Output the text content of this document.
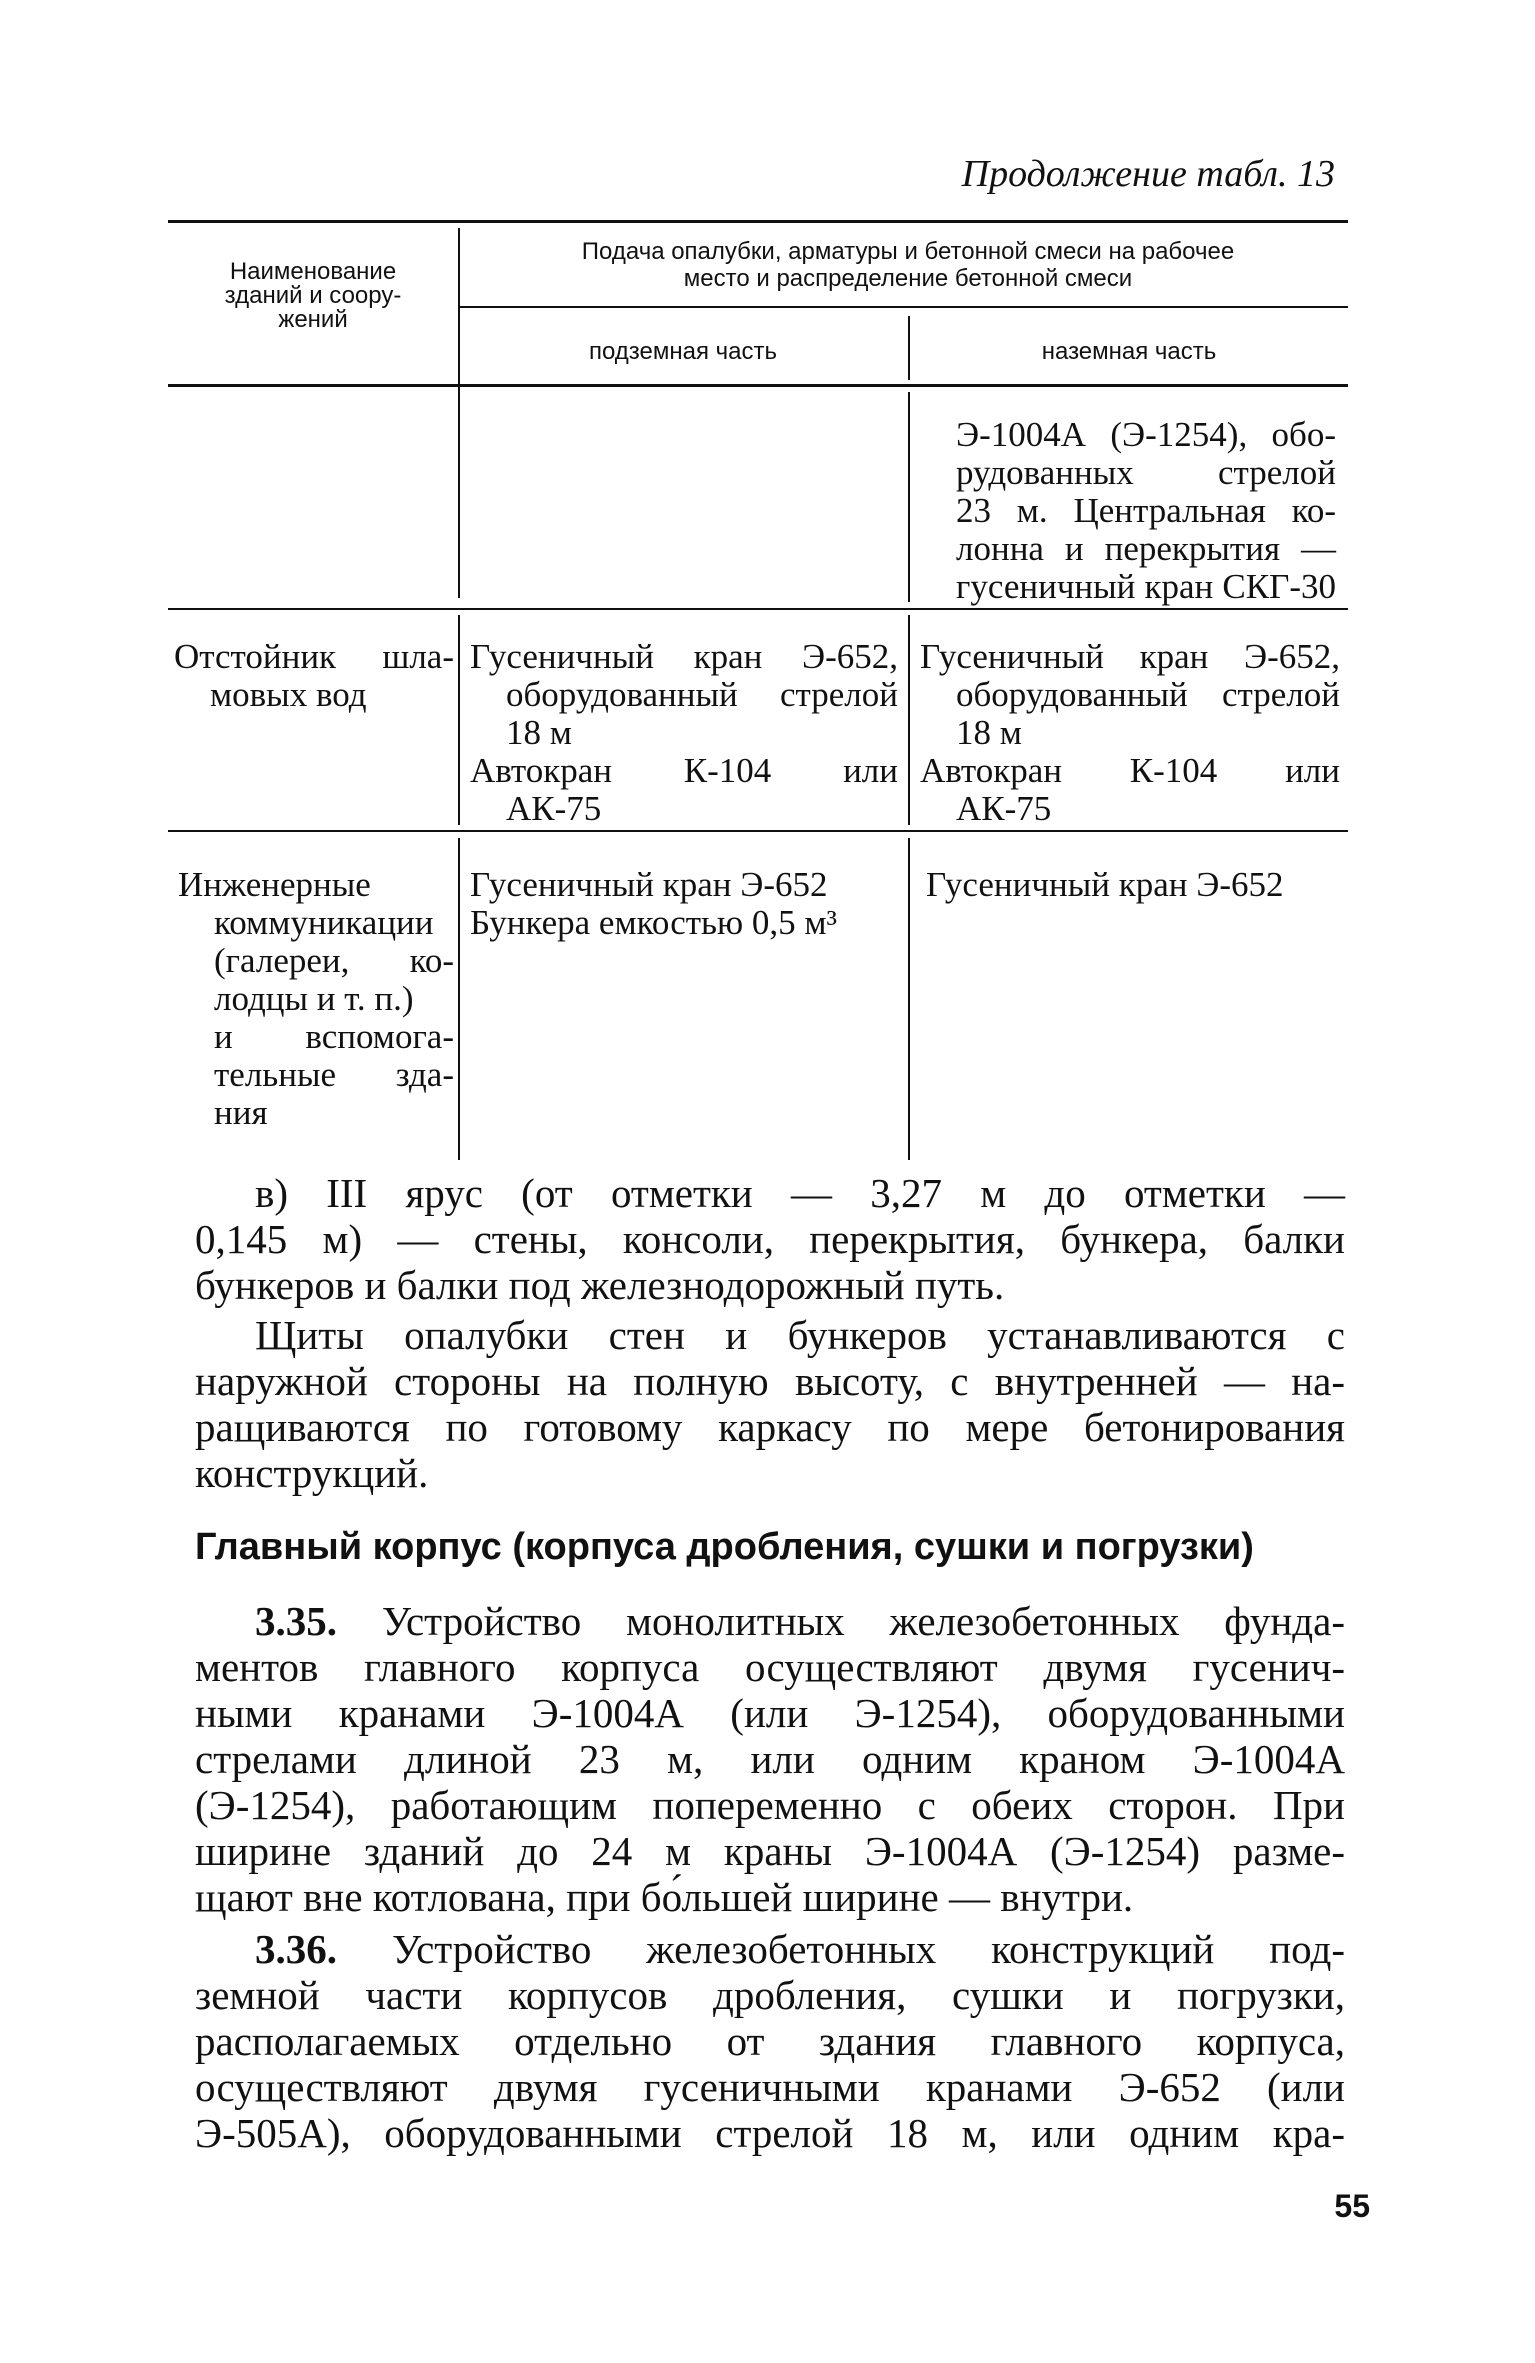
Продолжение табл. 13
Наименование
зданий и соору-
жений
Подача опалубки, арматуры и бетонной смеси на рабочее
место и распределение бетонной смеси
подземная часть	наземная часть
Э-1004А (Э-1254), обо-
рудованных стрелой
23 м. Центральная ко-
лонна и перекрытия —
гусеничный кран СКГ-30
Отстойник шла-
мовых вод
Гусеничный кран Э-652,
оборудованный стрелой
18 м
Автокран К-104 или
АК-75
Гусеничный кран Э-652,
оборудованный стрелой
18 м
Автокран К-104 или
АК-75
Инженерные
коммуникации
(галереи, ко-
лодцы и т. п.)
и вспомога-
тельные зда-
ния
Гусеничный кран Э-652
Бункера емкостью 0,5 м³
Гусеничный кран Э-652

в) III ярус (от отметки — 3,27 м до отметки —
0,145 м) — стены, консоли, перекрытия, бункера, балки
бункеров и балки под железнодорожный путь.

Щиты опалубки стен и бункеров устанавливаются с
наружной стороны на полную высоту, с внутренней — на-
ращиваются по готовому каркасу по мере бетонирования
конструкций.

Главный корпус (корпуса дробления, сушки и погрузки)

3.35. Устройство монолитных железобетонных фунда-
ментов главного корпуса осуществляют двумя гусенич-
ными кранами Э-1004А (или Э-1254), оборудованными
стрелами длиной 23 м, или одним краном Э-1004А
(Э-1254), работающим попеременно с обеих сторон. При
ширине зданий до 24 м краны Э-1004А (Э-1254) разме-
щают вне котлована, при бо́льшей ширине — внутри.

3.36. Устройство железобетонных конструкций под-
земной части корпусов дробления, сушки и погрузки,
располагаемых отдельно от здания главного корпуса,
осуществляют двумя гусеничными кранами Э-652 (или
Э-505А), оборудованными стрелой 18 м, или одним кра-

55
